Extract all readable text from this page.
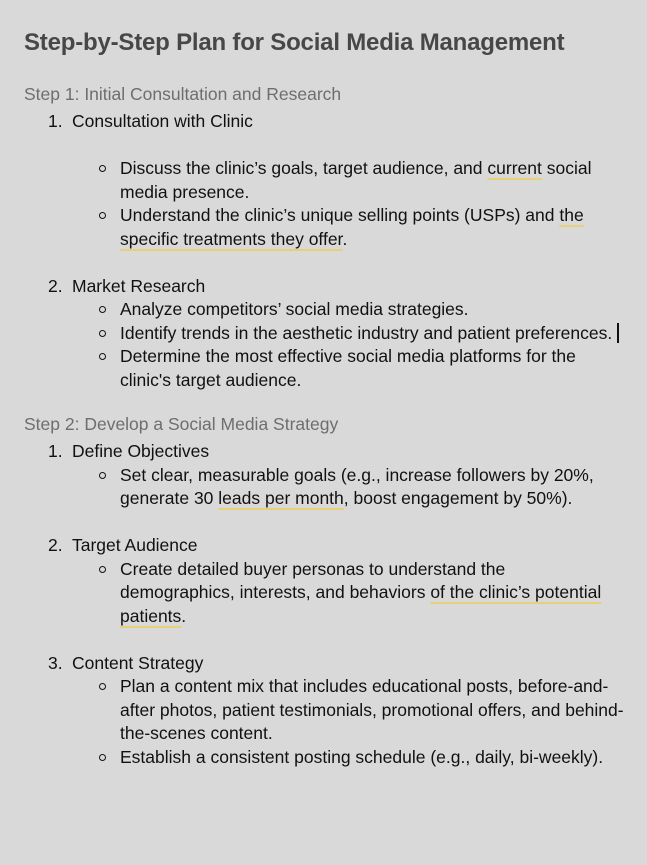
Step-by-Step Plan for Social Media Management
Step 1: Initial Consultation and Research
1. Consultation with Clinic
Discuss the clinic’s goals, target audience, and current social media presence.
Understand the clinic’s unique selling points (USPs) and the specific treatments they offer.
2. Market Research
Analyze competitors’ social media strategies.
Identify trends in the aesthetic industry and patient preferences.
Determine the most effective social media platforms for the clinic's target audience.
Step 2: Develop a Social Media Strategy
1. Define Objectives
Set clear, measurable goals (e.g., increase followers by 20%, generate 30 leads per month, boost engagement by 50%).
2. Target Audience
Create detailed buyer personas to understand the demographics, interests, and behaviors of the clinic’s potential patients.
3. Content Strategy
Plan a content mix that includes educational posts, before-and-after photos, patient testimonials, promotional offers, and behind-the-scenes content.
Establish a consistent posting schedule (e.g., daily, bi-weekly).
